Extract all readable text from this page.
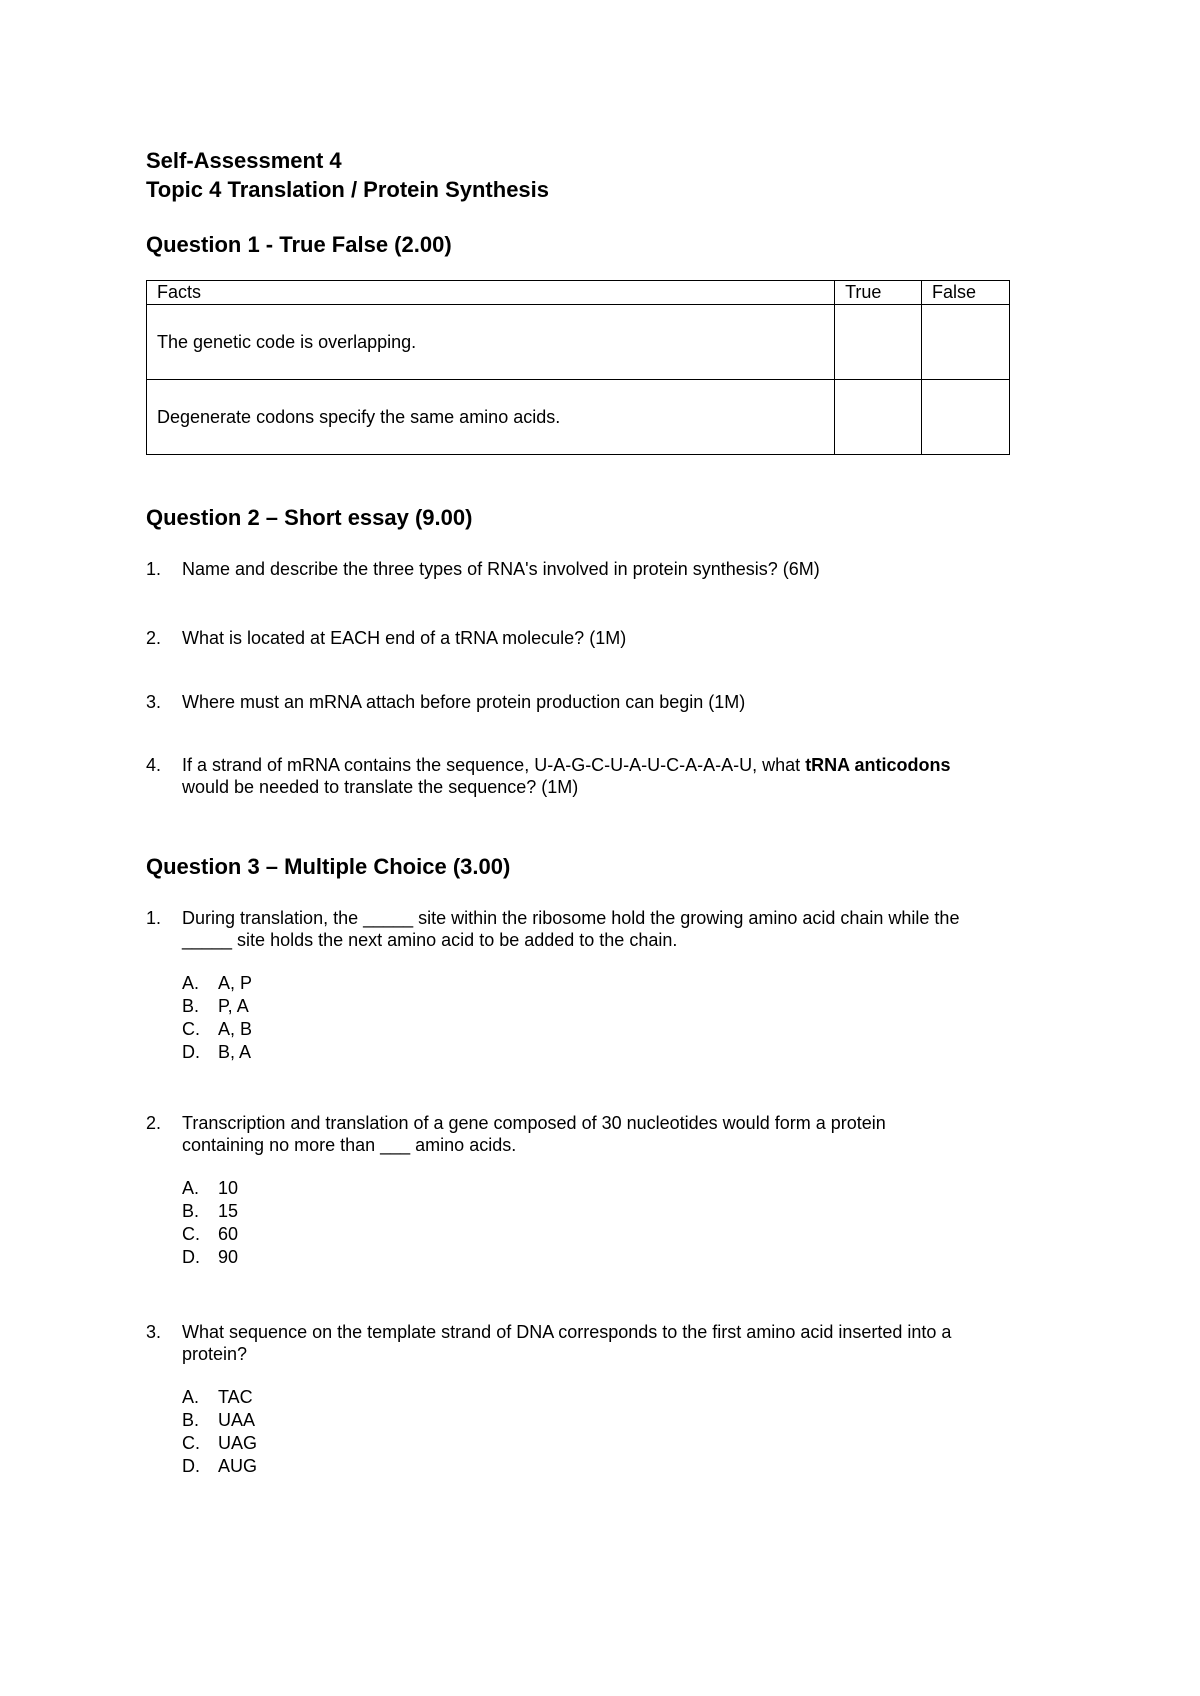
Self-Assessment 4

Topic 4 Translation / Protein Synthesis

Question 1 - True False (2.00)

Facts	True	False
The genetic code is overlapping.		
Degenerate codons specify the same amino acids.		

Question 2 – Short essay (9.00)

1.	Name and describe the three types of RNA's involved in protein synthesis? (6M)
2.	What is located at EACH end of a tRNA molecule? (1M)
3.	Where must an mRNA attach before protein production can begin (1M)
4.	If a strand of mRNA contains the sequence, U-A-G-C-U-A-U-C-A-A-A-U, what tRNA anticodons
would be needed to translate the sequence? (1M)

Question 3 – Multiple Choice (3.00)

1.	During translation, the _____ site within the ribosome hold the growing amino acid chain while the
_____ site holds the next amino acid to be added to the chain.
A. A, P
B. P, A
C. A, B
D. B, A
2.	Transcription and translation of a gene composed of 30 nucleotides would form a protein
containing no more than ___ amino acids.
A. 10
B. 15
C. 60
D. 90
3.	What sequence on the template strand of DNA corresponds to the first amino acid inserted into a
protein?
A. TAC
B. UAA
C. UAG
D. AUG
